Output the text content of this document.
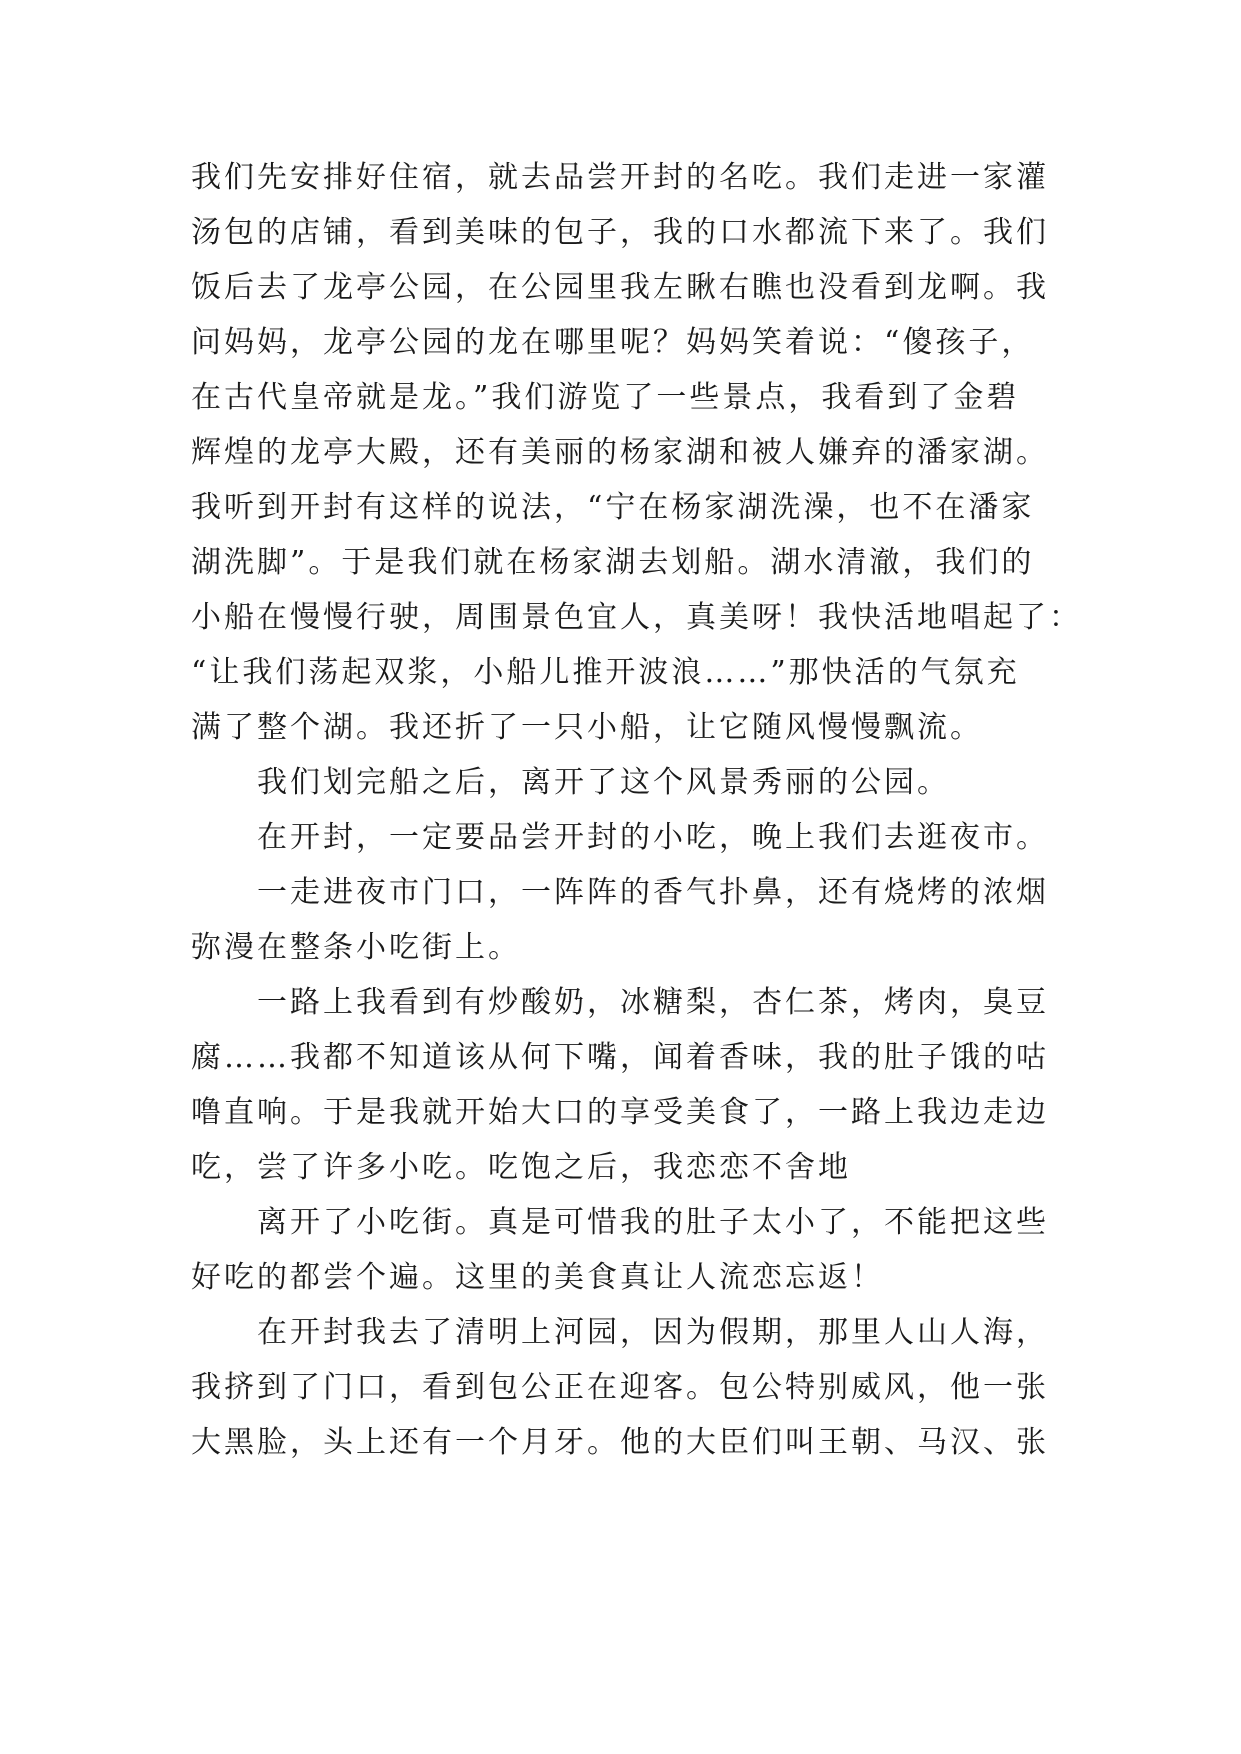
我们先安排好住宿，就去品尝开封的名吃。我们走进一家灌
汤包的店铺，看到美味的包子，我的口水都流下来了。我们
饭后去了龙亭公园，在公园里我左瞅右瞧也没看到龙啊。我
问妈妈，龙亭公园的龙在哪里呢？妈妈笑着说：“傻孩子，
在古代皇帝就是龙。”我们游览了一些景点，我看到了金碧
辉煌的龙亭大殿，还有美丽的杨家湖和被人嫌弃的潘家湖。
我听到开封有这样的说法，“宁在杨家湖洗澡，也不在潘家
湖洗脚”。于是我们就在杨家湖去划船。湖水清澈，我们的
小船在慢慢行驶，周围景色宜人，真美呀！我快活地唱起了：
“让我们荡起双浆，小船儿推开波浪……”那快活的气氛充
满了整个湖。我还折了一只小船，让它随风慢慢飘流。
我们划完船之后，离开了这个风景秀丽的公园。
在开封，一定要品尝开封的小吃，晚上我们去逛夜市。
一走进夜市门口，一阵阵的香气扑鼻，还有烧烤的浓烟
弥漫在整条小吃街上。
一路上我看到有炒酸奶，冰糖梨，杏仁茶，烤肉，臭豆
腐……我都不知道该从何下嘴，闻着香味，我的肚子饿的咕
噜直响。于是我就开始大口的享受美食了，一路上我边走边
吃，尝了许多小吃。吃饱之后，我恋恋不舍地
离开了小吃街。真是可惜我的肚子太小了，不能把这些
好吃的都尝个遍。这里的美食真让人流恋忘返！
在开封我去了清明上河园，因为假期，那里人山人海，
我挤到了门口，看到包公正在迎客。包公特别威风，他一张
大黑脸，头上还有一个月牙。他的大臣们叫王朝、马汉、张
